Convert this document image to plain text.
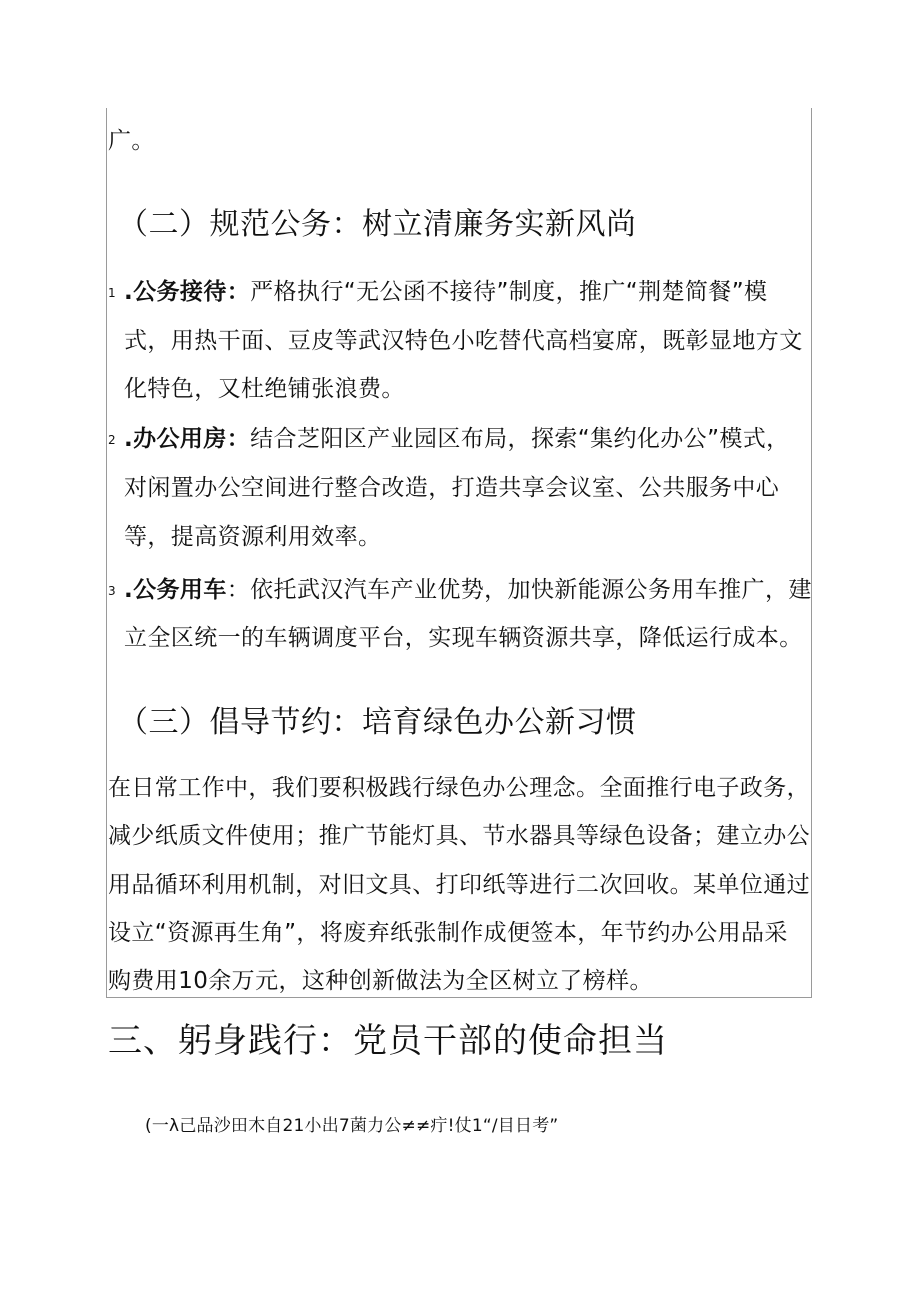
广。
（二）规范公务：树立清廉务实新风尚
1 .公务接待：严格执行“无公函不接待”制度，推广“荆楚简餐”模
式，用热干面、豆皮等武汉特色小吃替代高档宴席，既彰显地方文
化特色，又杜绝铺张浪费。
2 .办公用房：结合芝阳区产业园区布局，探索“集约化办公”模式，
对闲置办公空间进行整合改造，打造共享会议室、公共服务中心
等，提高资源利用效率。
3 .公务用车：依托武汉汽车产业优势，加快新能源公务用车推广，建
立全区统一的车辆调度平台，实现车辆资源共享，降低运行成本。
（三）倡导节约：培育绿色办公新习惯
在日常工作中，我们要积极践行绿色办公理念。全面推行电子政务，
减少纸质文件使用；推广节能灯具、节水器具等绿色设备；建立办公
用品循环利用机制，对旧文具、打印纸等进行二次回收。某单位通过
设立“资源再生角”，将废弃纸张制作成便签本，年节约办公用品采
购费用10余万元，这种创新做法为全区树立了榜样。
三、躬身践行：党员干部的使命担当
(一λ己品沙田木自21小出7菌力公≠≠疔!仗1“/目日考”
